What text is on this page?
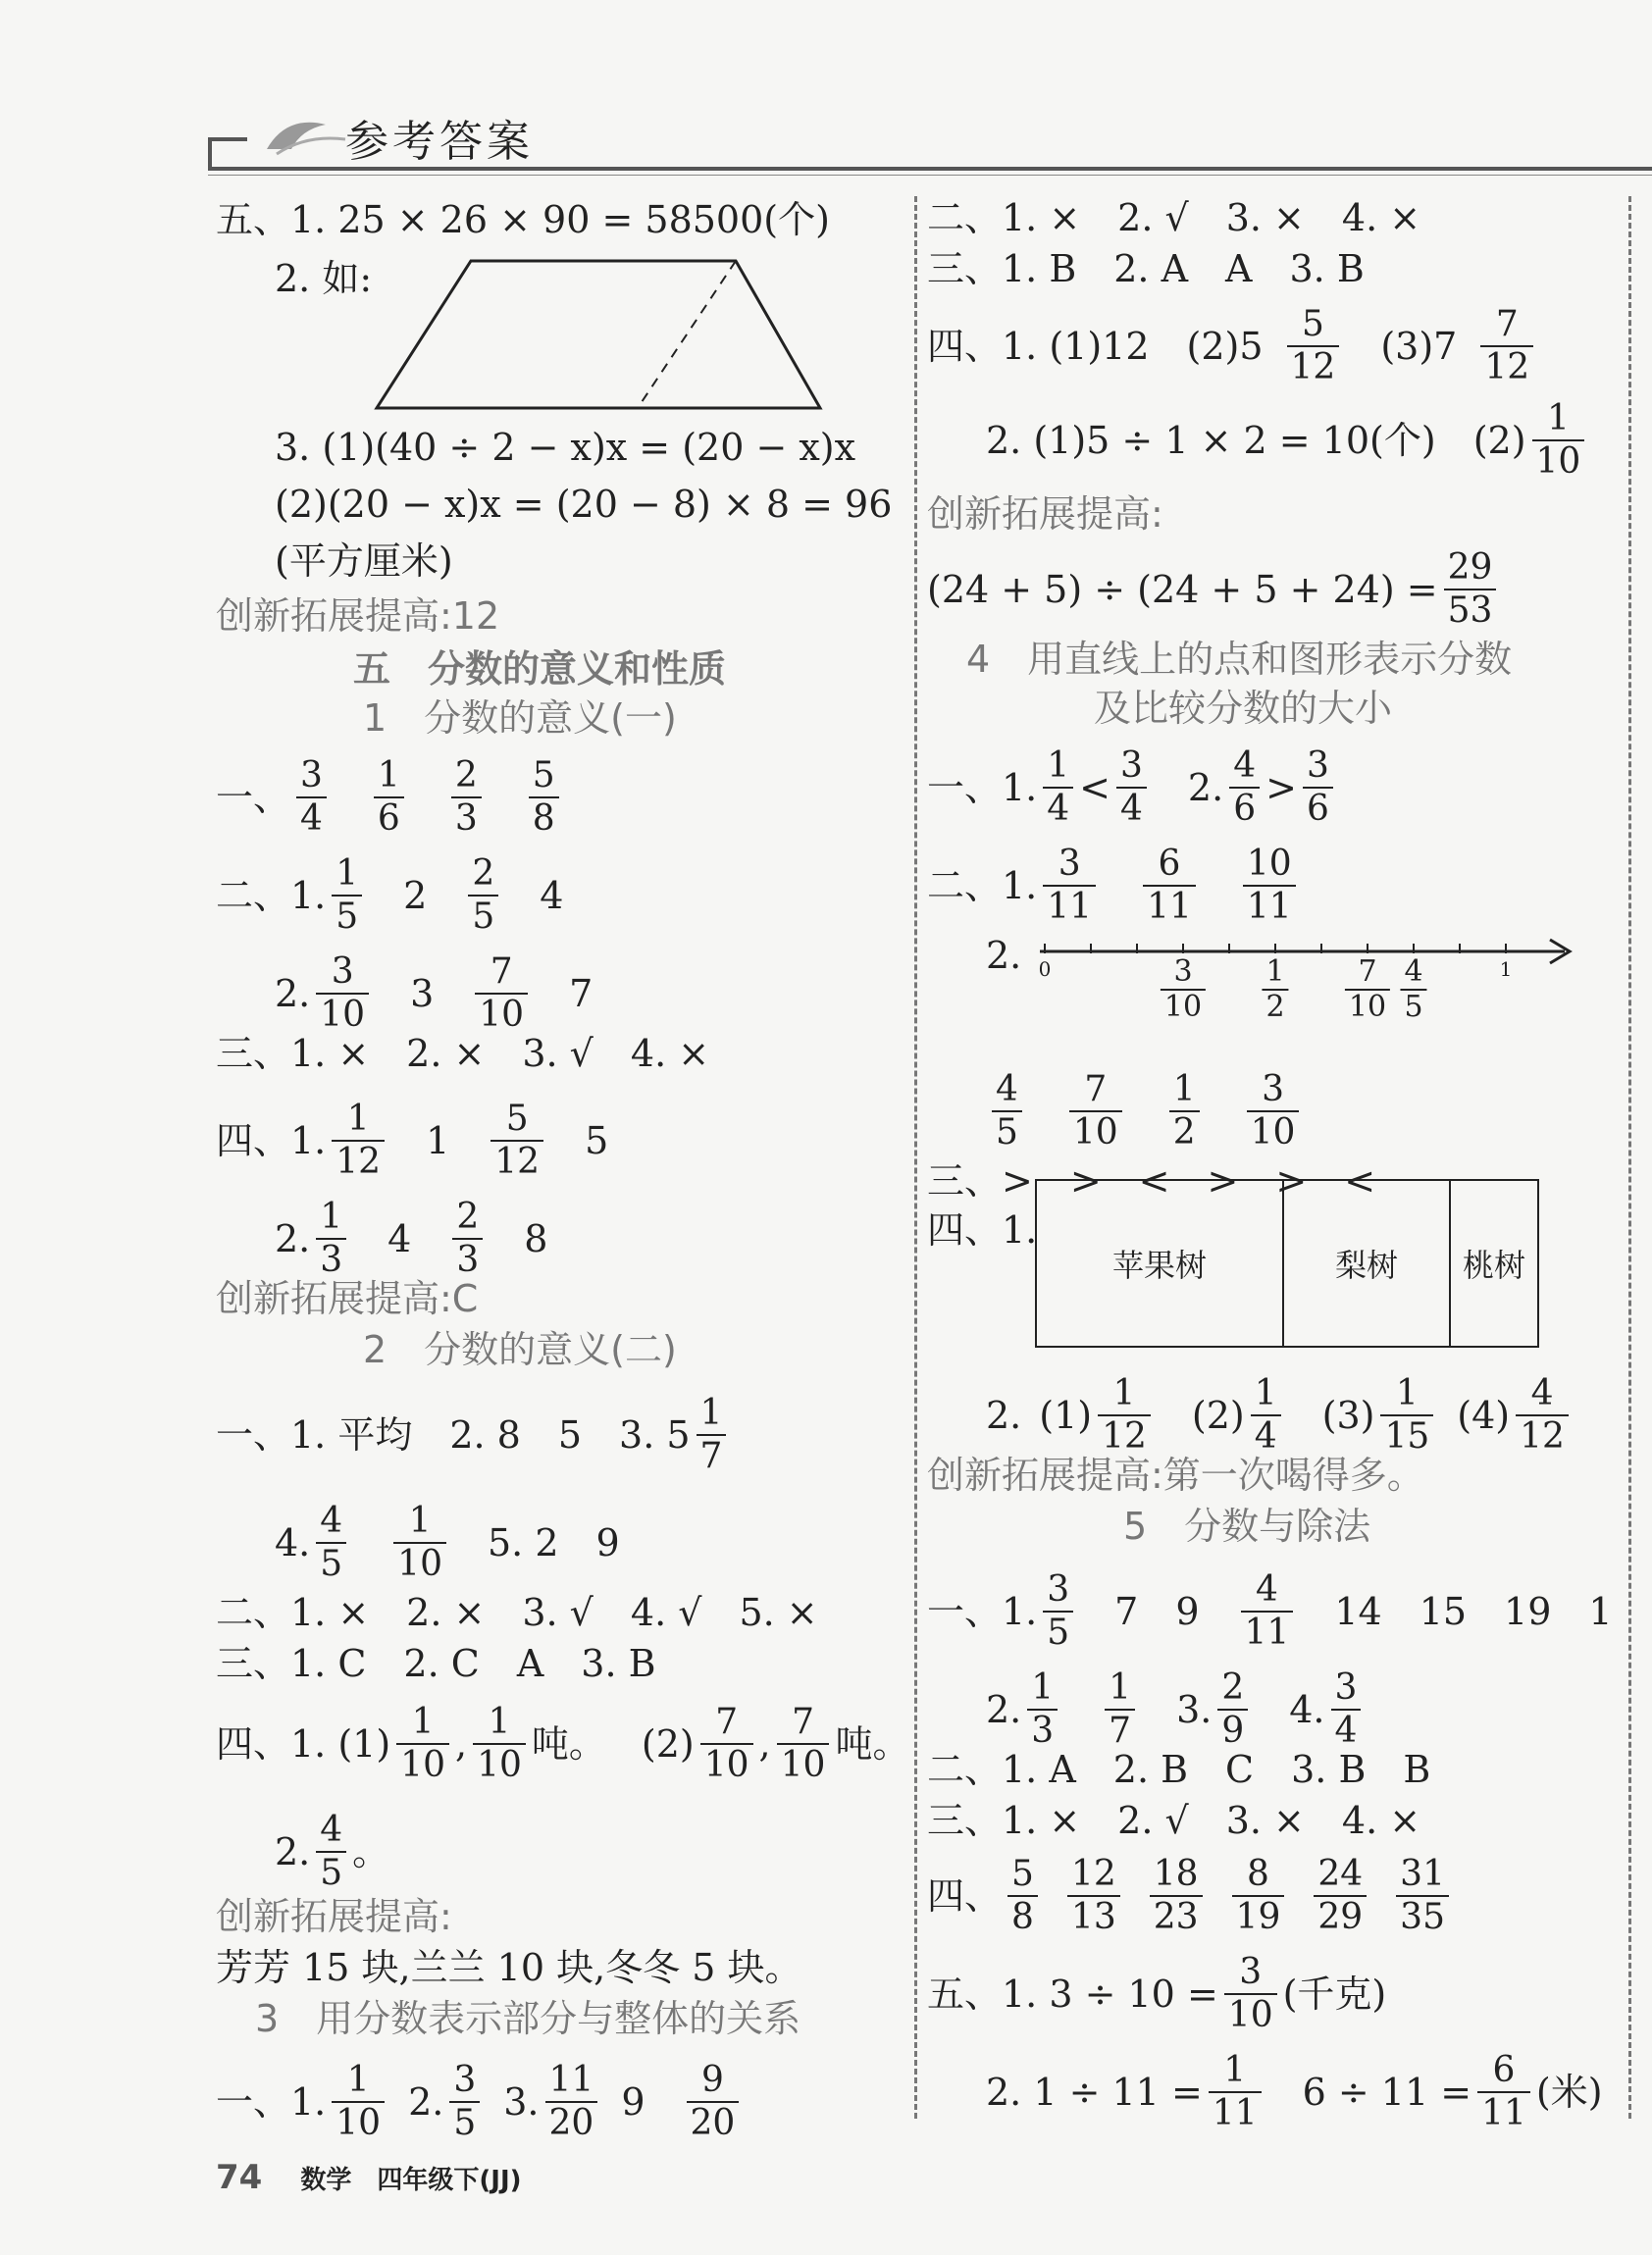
参考答案
五、1. 25 × 26 × 90 = 58500(个)
2. 如:
3. (1)(40 ÷ 2 − x)x = (20 − x)x
(2)(20 − x)x = (20 − 8) × 8 = 96
(平方厘米)
创新拓展提高:12
五　分数的意义和性质
1　分数的意义(一)
一、 $\frac{3}{4} \frac{1}{6} \frac{2}{3} \frac{5}{8}$
二、1. $\frac{1}{5} 2 \frac{2}{5} 4$
2. $\frac{3}{10} 3 \frac{7}{10} 7$
三、1. ×　2. ×　3. √　4. ×
四、1. $\frac{1}{12} 1 \frac{5}{12} 5$
2. $\frac{1}{3} 4 \frac{2}{3} 8$
创新拓展提高:C
2　分数的意义(二)
一、1. 平均　2. 8　5　3. $5 \frac{1}{7}$
4. $\frac{4}{5} \frac{1}{10} 5$. 2　9
二、1. ×　2. ×　3. √　4. √　5. ×
三、1. C　2. C　A　3. B
四、1. $(1) \frac{1}{10}$ , $\frac{1}{10}$ 吨。 $(2) \frac{7}{10}$ , $\frac{7}{10}$ 吨。
2. $\frac{4}{5}$ 。
创新拓展提高:
芳芳 15 块,兰兰 10 块,冬冬 5 块。
3　用分数表示部分与整体的关系
一、1. $\frac{1}{10} 2$. $\frac{3}{5} 3$. $\frac{11}{20} 9 \frac{9}{20}$
二、1. ×　2. √　3. ×　4. ×
三、1. B　2. A　A　3. B
四、1. (1)12　$(2)5 \frac{5}{12} (3)7 \frac{7}{12}$
2. (1)5 ÷ 1 × 2 = 10(个)　$(2) \frac{1}{10}$
创新拓展提高:
$(24 + 5) \div (24 + 5 + 24) = \frac{29}{53}$
4　用直线上的点和图形表示分数
及比较分数的大小
一、1. $\frac{1}{4} < \frac{3}{4} 2$. $\frac{4}{6} > \frac{3}{6}$
二、1. $\frac{3}{11} \frac{6}{11} \frac{10}{11}$
2. 0	1
$\frac{3}{10} \frac{1}{2} \frac{7}{10} \frac{4}{5}$
$\frac{4}{5} \frac{7}{10} \frac{1}{2} \frac{3}{10}$
三、>　>　<　>　>　<
四、1.
苹果树	梨树	桃树
2. $(1) \frac{1}{12} (2) \frac{1}{4} (3) \frac{1}{15} (4) \frac{4}{12}$
创新拓展提高:第一次喝得多。
5　分数与除法
一、1. $\frac{3}{5} 7$　$9 \frac{4}{11} 14$　15　19　1
2. $\frac{1}{3} \frac{1}{7} 3$. $\frac{2}{9} 4$. $\frac{3}{4}$
二、1. A　2. B　C　3. B　B
三、1. ×　2. √　3. ×　4. ×
四、 $\frac{5}{8} \frac{12}{13} \frac{18}{23} \frac{8}{19} \frac{24}{29} \frac{31}{35}$
五、1. $3 \div 10 = \frac{3}{10}$ (千克)
2. $1 \div 11 = \frac{1}{11} 6 \div 11 = \frac{6}{11}$ (米)
74 数学　四年级下(JJ)
